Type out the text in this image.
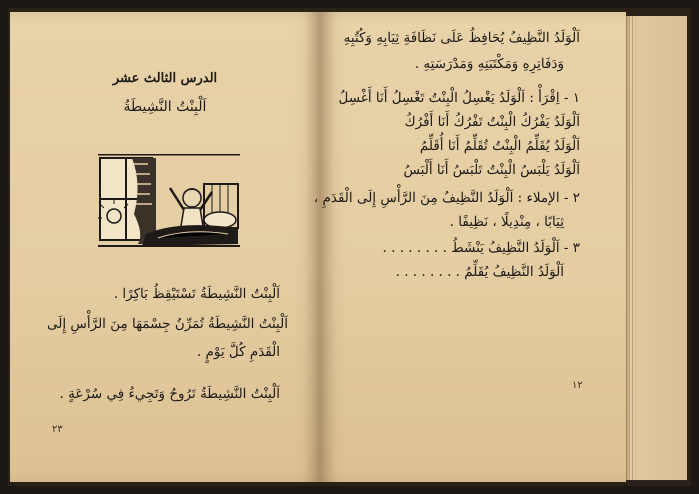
الدرس الثالث عشر
اَلْبِنْتُ النَّشِيطَةُ
اَلْبِنْتُ النَّشِيطَةُ تَسْتَيْقِظُ بَاكِرًا .
اَلْبِنْتُ النَّشِيطَةُ تُمَرِّنُ جِسْمَهَا مِنَ الرَّأْسِ إِلَى
الْقَدَمِ كُلَّ يَوْمٍ .
اَلْبِنْتُ النَّشِيطَةُ تَرُوحُ وَتَجِيءُ فِي سُرْعَةٍ .
٢٣
اَلْوَلَدُ النَّظِيفُ يُحَافِظُ عَلَى نَظَافَةِ ثِيَابِهِ وَكُتُبِهِ
وَدَفَاتِرِهِ وَمَكْتَبَتِهِ وَمَدْرَسَتِهِ .
١ - اِقْرَأْ : اَلْوَلَدُ يَغْسِلُ الْبِنْتُ تَغْسِلُ أَنَا أَغْسِلُ
اَلْوَلَدُ يَفْرُكُ الْبِنْتُ تَفْرُكُ أَنَا أَفْرُكُ
اَلْوَلَدُ يُقَلِّمُ الْبِنْتُ تُقَلِّمُ أَنَا أُقَلِّمُ
اَلْوَلَدُ يَلْبَسُ الْبِنْتُ تَلْبَسُ أَنَا أَلْبَسُ
٢ - الإملاء : اَلْوَلَدُ النَّظِيفُ مِنَ الرَّأْسِ إِلَى الْقَدَمِ ،
ثِيَابًا ، مِنْدِيلًا ، نَظِيفًا .
٣ - اَلْوَلَدُ النَّظِيفُ يَنْشَطُ . . . . . . . .
اَلْوَلَدُ النَّظِيفُ يُقَلِّمُ . . . . . . . .
١٢
